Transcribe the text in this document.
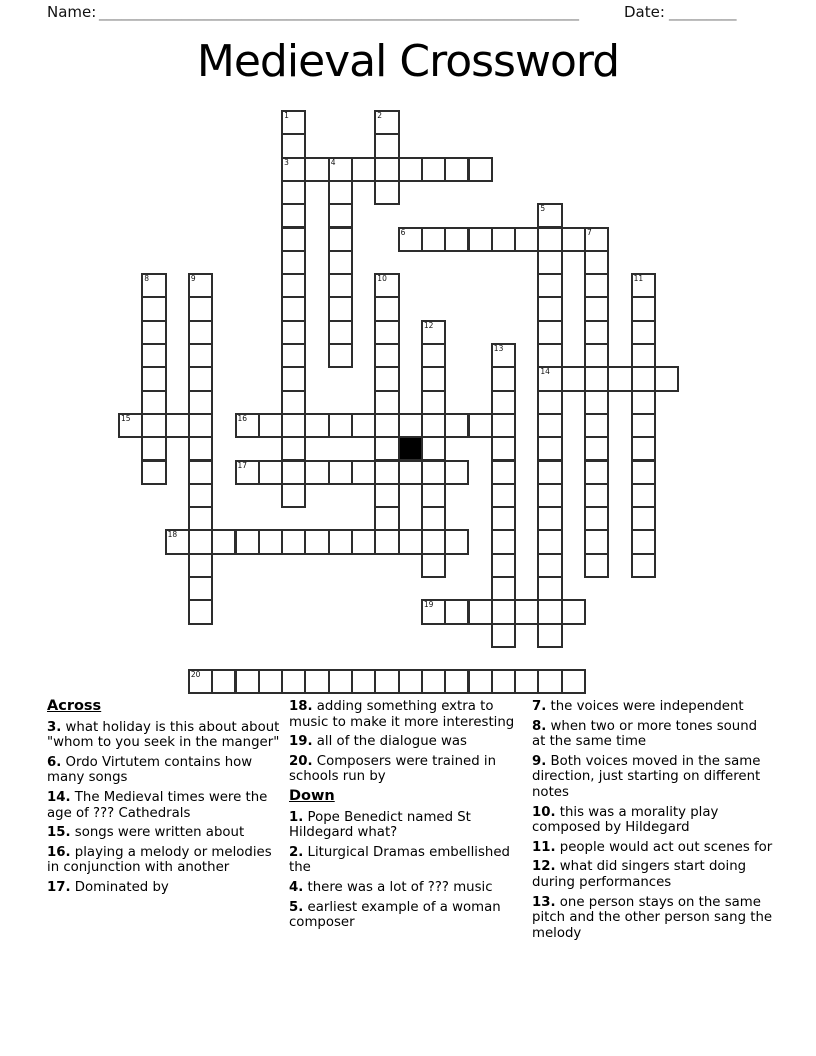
Name: ________________________________________________________________	Date: _________
Medieval Crossword
1
3
2
4
5
14
6	7
8	9	10	11
12
13
15	16
17
18
19
20
Across
3. what holiday is this about about "whom to you seek in the manger"
6. Ordo Virtutem contains how many songs
14. The Medieval times were the age of ??? Cathedrals
15. songs were written about
16. playing a melody or melodies in conjunction with another
17. Dominated by
18. adding something extra to music to make it more interesting
19. all of the dialogue was
20. Composers were trained in schools run by
Down
1. Pope Benedict named St Hildegard what?
2. Liturgical Dramas embellished the
4. there was a lot of ??? music
5. earliest example of a woman composer
7. the voices were independent
8. when two or more tones sound at the same time
9. Both voices moved in the same direction, just starting on different notes
10. this was a morality play composed by Hildegard
11. people would act out scenes for
12. what did singers start doing during performances
13. one person stays on the same pitch and the other person sang the melody
